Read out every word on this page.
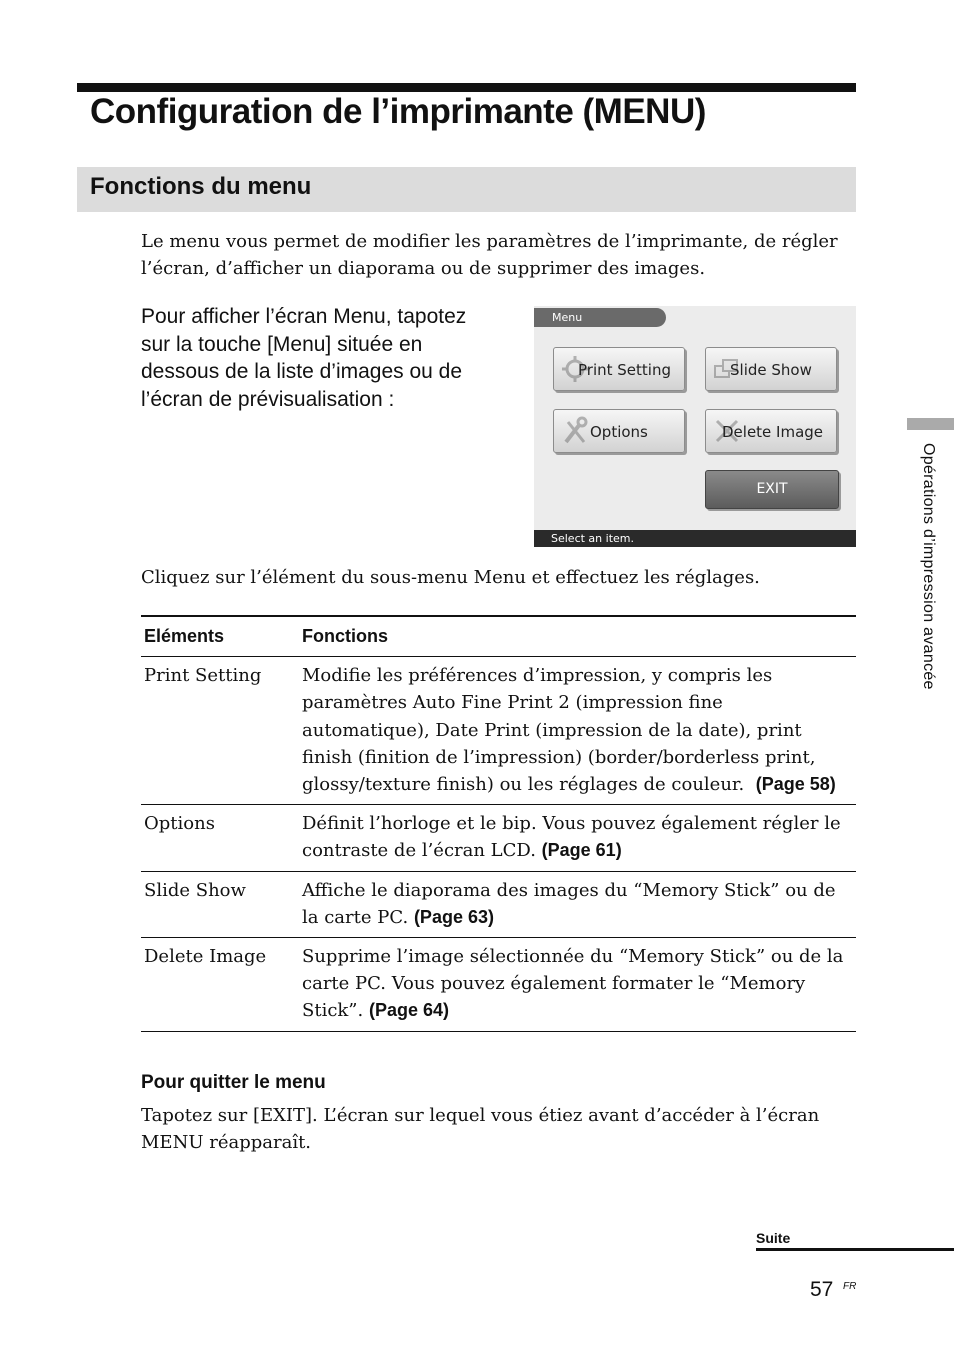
Configuration de l’imprimante (MENU)
Fonctions du menu

Le menu vous permet de modifier les paramètres de l’imprimante, de régler l’écran, d’afficher un diaporama ou de supprimer des images.

Pour afficher l’écran Menu, tapotez sur la touche [Menu] située en dessous de la liste d’images ou de l’écran de prévisualisation :

Menu
Print Setting	Slide Show
Options	Delete Image
EXIT
Select an item.

Cliquez sur l’élément du sous-menu Menu et effectuez les réglages.

Eléments	Fonctions
Print Setting	Modifie les préférences d’impression, y compris les paramètres Auto Fine Print 2 (impression fine automatique), Date Print (impression de la date), print finish (finition de l’impression) (border/borderless print, glossy/texture finish) ou les réglages de couleur. (Page 58)
Options	Définit l’horloge et le bip. Vous pouvez également régler le contraste de l’écran LCD. (Page 61)
Slide Show	Affiche le diaporama des images du “Memory Stick” ou de la carte PC. (Page 63)
Delete Image	Supprime l’image sélectionnée du “Memory Stick” ou de la carte PC. Vous pouvez également formater le “Memory Stick”. (Page 64)
Pour quitter le menu

Tapotez sur [EXIT]. L’écran sur lequel vous étiez avant d’accéder à l’écran MENU réapparaît.

Opérations d’impression avancée

Suite

57 FR
